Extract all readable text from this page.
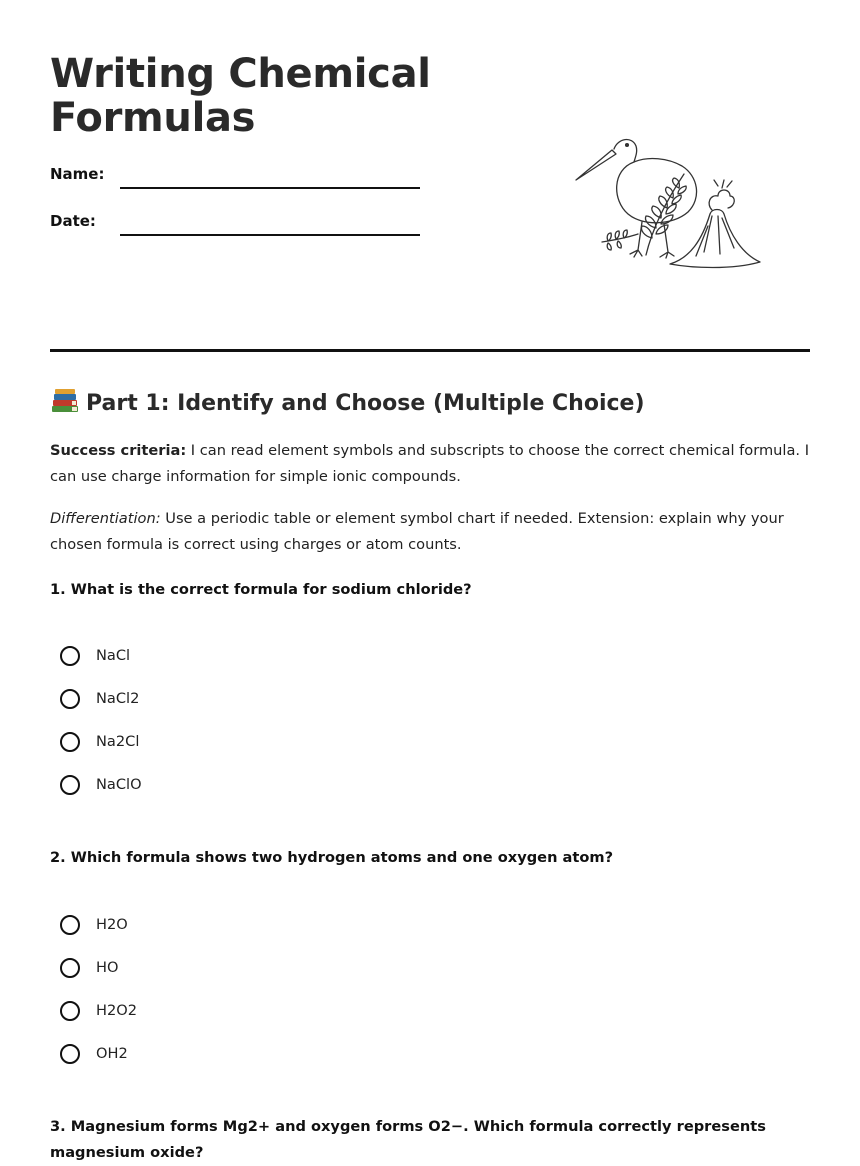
Writing Chemical Formulas
Name:
Date:
Part 1: Identify and Choose (Multiple Choice)
Success criteria: I can read element symbols and subscripts to choose the correct chemical formula. I can use charge information for simple ionic compounds.
Differentiation: Use a periodic table or element symbol chart if needed. Extension: explain why your chosen formula is correct using charges or atom counts.
1. What is the correct formula for sodium chloride?
NaCl
NaCl2
Na2Cl
NaClO
2. Which formula shows two hydrogen atoms and one oxygen atom?
H2O
HO
H2O2
OH2
3. Magnesium forms Mg2+ and oxygen forms O2−. Which formula correctly represents magnesium oxide?
